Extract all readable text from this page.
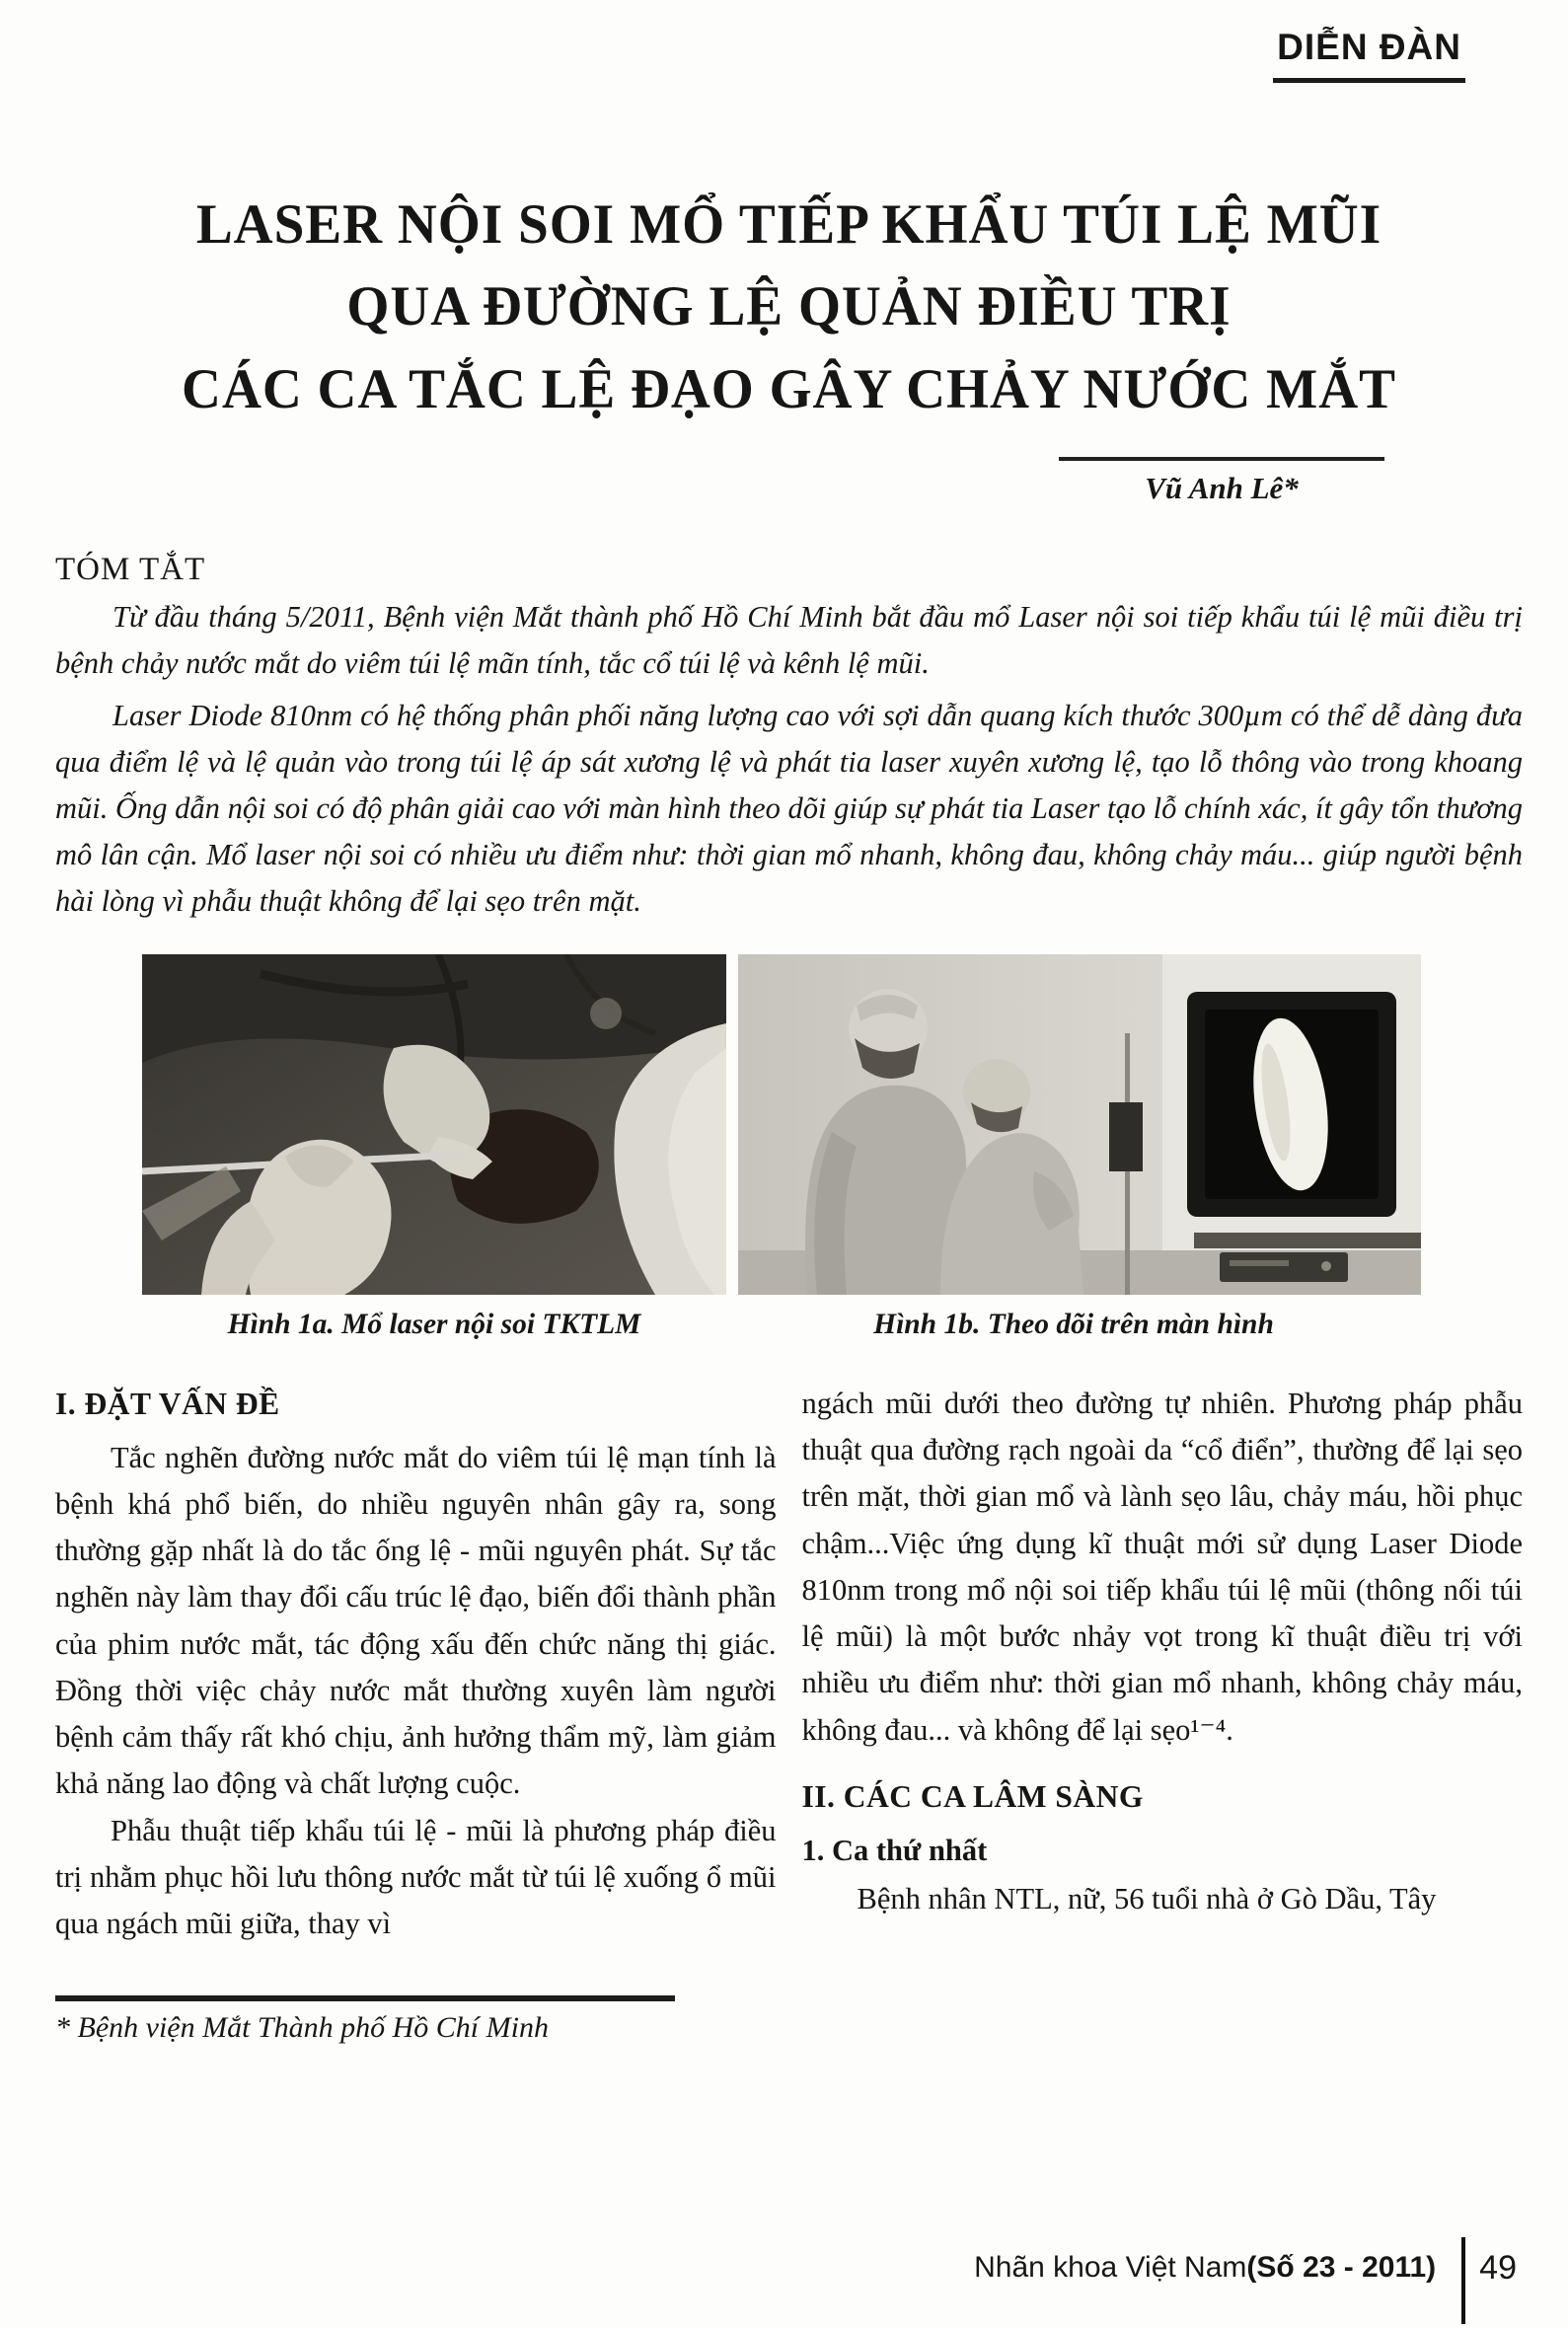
DIỄN ĐÀN
LASER NỘI SOI MỔ TIẾP KHẨU TÚI LỆ MŨI
QUA ĐƯỜNG LỆ QUẢN ĐIỀU TRỊ
CÁC CA TẮC LỆ ĐẠO GÂY CHẢY NƯỚC MẮT
Vũ Anh Lê*
TÓM TẮT

Từ đầu tháng 5/2011, Bệnh viện Mắt thành phố Hồ Chí Minh bắt đầu mổ Laser nội soi tiếp khẩu túi lệ mũi điều trị bệnh chảy nước mắt do viêm túi lệ mãn tính, tắc cổ túi lệ và kênh lệ mũi.

Laser Diode 810nm có hệ thống phân phối năng lượng cao với sợi dẫn quang kích thước 300µm có thể dễ dàng đưa qua điểm lệ và lệ quản vào trong túi lệ áp sát xương lệ và phát tia laser xuyên xương lệ, tạo lỗ thông vào trong khoang mũi. Ống dẫn nội soi có độ phân giải cao với màn hình theo dõi giúp sự phát tia Laser tạo lỗ chính xác, ít gây tổn thương mô lân cận. Mổ laser nội soi có nhiều ưu điểm như: thời gian mổ nhanh, không đau, không chảy máu... giúp người bệnh hài lòng vì phẫu thuật không để lại sẹo trên mặt.

Hình 1a. Mổ laser nội soi TKTLM	Hình 1b. Theo dõi trên màn hình
I. ĐẶT VẤN ĐỀ

Tắc nghẽn đường nước mắt do viêm túi lệ mạn tính là bệnh khá phổ biến, do nhiều nguyên nhân gây ra, song thường gặp nhất là do tắc ống lệ - mũi nguyên phát. Sự tắc nghẽn này làm thay đổi cấu trúc lệ đạo, biến đổi thành phần của phim nước mắt, tác động xấu đến chức năng thị giác. Đồng thời việc chảy nước mắt thường xuyên làm người bệnh cảm thấy rất khó chịu, ảnh hưởng thẩm mỹ, làm giảm khả năng lao động và chất lượng cuộc.

Phẫu thuật tiếp khẩu túi lệ - mũi là phương pháp điều trị nhằm phục hồi lưu thông nước mắt từ túi lệ xuống ổ mũi qua ngách mũi giữa, thay vì

ngách mũi dưới theo đường tự nhiên. Phương pháp phẫu thuật qua đường rạch ngoài da “cổ điển”, thường để lại sẹo trên mặt, thời gian mổ và lành sẹo lâu, chảy máu, hồi phục chậm...Việc ứng dụng kĩ thuật mới sử dụng Laser Diode 810nm trong mổ nội soi tiếp khẩu túi lệ mũi (thông nối túi lệ mũi) là một bước nhảy vọt trong kĩ thuật điều trị với nhiều ưu điểm như: thời gian mổ nhanh, không chảy máu, không đau... và không để lại sẹo¹⁻⁴.

II. CÁC CA LÂM SÀNG
1. Ca thứ nhất

Bệnh nhân NTL, nữ, 56 tuổi nhà ở Gò Dầu, Tây

* Bệnh viện Mắt Thành phố Hồ Chí Minh
Nhãn khoa Việt Nam (Số 23 - 2011) 49
